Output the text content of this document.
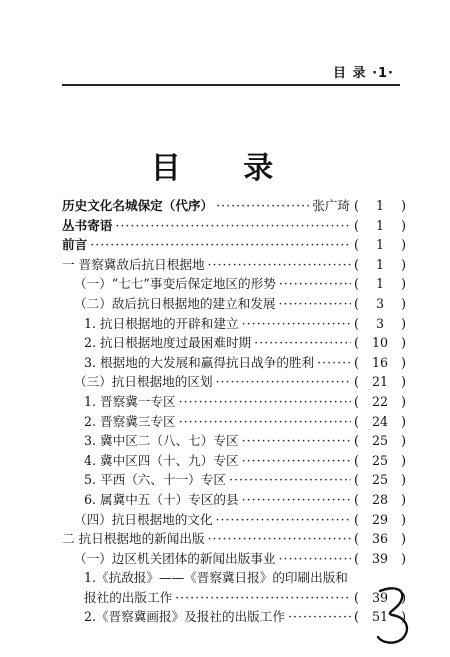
目 录 ·1·
目 录
历史文化名城保定（代序） ·····	张广琦 ( 1 )
丛书寄语 ·····	( 1 )
前言 ·····	( 1 )
一 晋察冀敌后抗日根据地 ·····	( 1 )
（一）“七七”事变后保定地区的形势 ·····	( 1 )
（二）敌后抗日根据地的建立和发展 ·····	( 3 )
1. 抗日根据地的开辟和建立 ·····	( 3 )
2. 抗日根据地度过最困难时期 ·····	( 10 )
3. 根据地的大发展和赢得抗日战争的胜利 ·····	( 16 )
（三）抗日根据地的区划 ·····	( 21 )
1. 晋察冀一专区 ·····	( 22 )
2. 晋察冀三专区 ·····	( 24 )
3. 冀中区二（八、七）专区 ·····	( 25 )
4. 冀中区四（十、九）专区 ·····	( 25 )
5. 平西（六、十一）专区 ·····	( 25 )
6. 属冀中五（十）专区的县 ·····	( 28 )
（四）抗日根据地的文化 ·····	( 29 )
二 抗日根据地的新闻出版 ·····	( 36 )
（一）边区机关团体的新闻出版事业 ·····	( 39 )
1.《抗敌报》——《晋察冀日报》的印刷出版和
报社的出版工作 ·····	( 39 )
2.《晋察冀画报》及报社的出版工作 ·····	( 51 )
